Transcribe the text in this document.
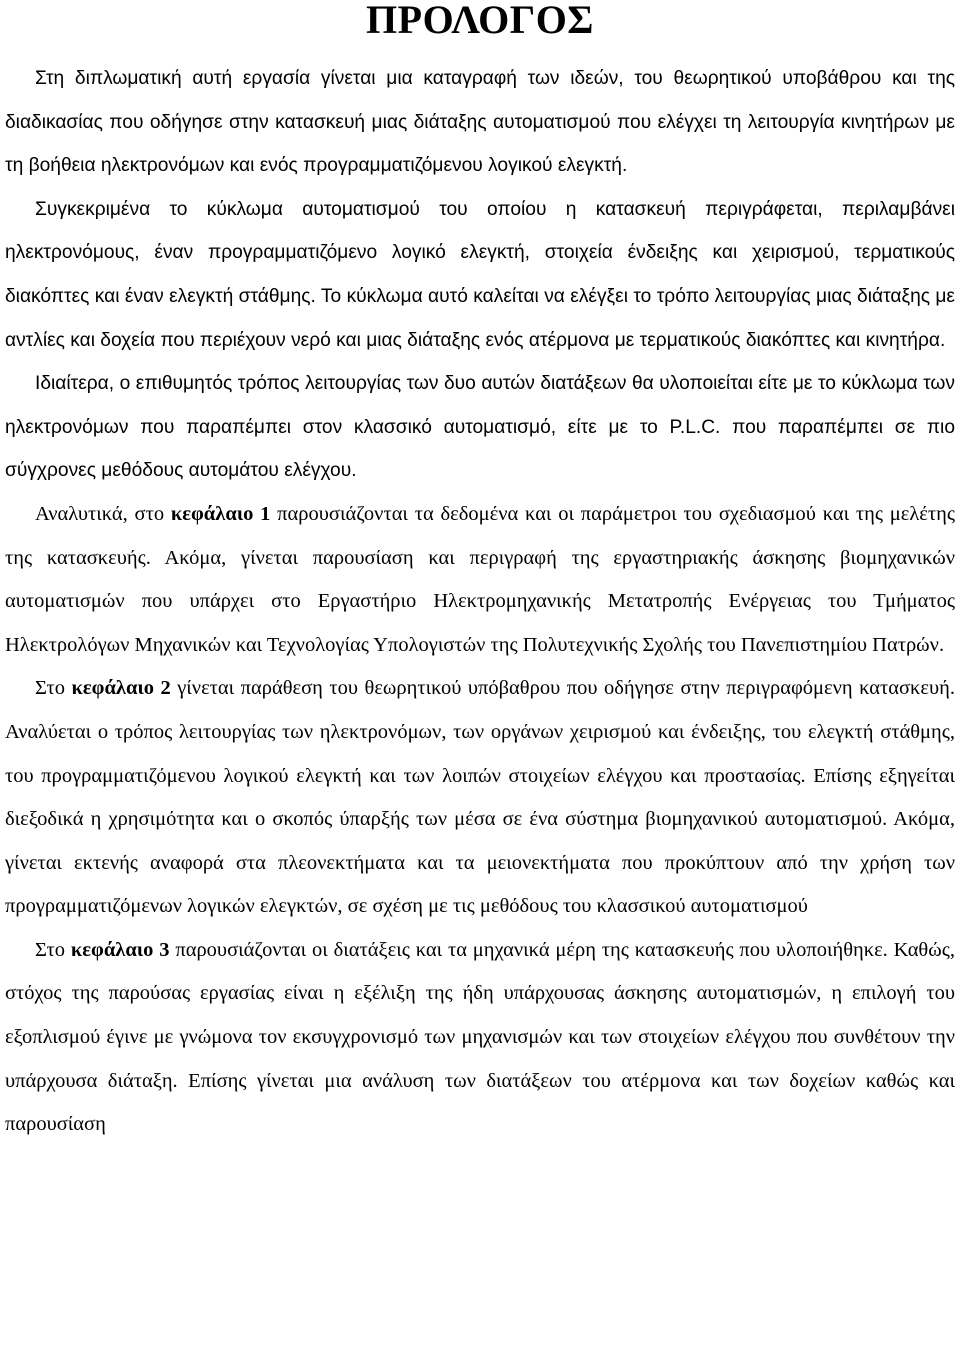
ΠΡΟΛΟΓΟΣ

Στη διπλωματική αυτή εργασία γίνεται μια καταγραφή των ιδεών, του θεωρητικού υποβάθρου και της διαδικασίας που οδήγησε στην κατασκευή μιας διάταξης αυτοματισμού που ελέγχει τη λειτουργία κινητήρων με τη βοήθεια ηλεκτρονόμων και ενός προγραμματιζόμενου λογικού ελεγκτή.

Συγκεκριμένα το κύκλωμα αυτοματισμού του οποίου η κατασκευή περιγράφεται, περιλαμβάνει ηλεκτρονόμους, έναν προγραμματιζόμενο λογικό ελεγκτή, στοιχεία ένδειξης και χειρισμού, τερματικούς διακόπτες και έναν ελεγκτή στάθμης. Το κύκλωμα αυτό καλείται να ελέγξει το τρόπο λειτουργίας μιας διάταξης με αντλίες και δοχεία που περιέχουν νερό και μιας διάταξης ενός ατέρμονα με τερματικούς διακόπτες και κινητήρα.

Ιδιαίτερα, ο επιθυμητός τρόπος λειτουργίας των δυο αυτών διατάξεων θα υλοποιείται είτε με το κύκλωμα των ηλεκτρονόμων που παραπέμπει στον κλασσικό αυτοματισμό, είτε με το P.L.C. που παραπέμπει σε πιο σύγχρονες μεθόδους αυτομάτου ελέγχου.

Αναλυτικά, στο κεφάλαιο 1 παρουσιάζονται τα δεδομένα και οι παράμετροι του σχεδιασμού και της μελέτης της κατασκευής. Ακόμα, γίνεται παρουσίαση και περιγραφή της εργαστηριακής άσκησης βιομηχανικών αυτοματισμών που υπάρχει στο Εργαστήριο Ηλεκτρομηχανικής Μετατροπής Ενέργειας του Τμήματος Ηλεκτρολόγων Μηχανικών και Τεχνολογίας Υπολογιστών της Πολυτεχνικής Σχολής του Πανεπιστημίου Πατρών.

Στο κεφάλαιο 2 γίνεται παράθεση του θεωρητικού υπόβαθρου που οδήγησε στην περιγραφόμενη κατασκευή. Αναλύεται ο τρόπος λειτουργίας των ηλεκτρονόμων, των οργάνων χειρισμού και ένδειξης, του ελεγκτή στάθμης, του προγραμματιζόμενου λογικού ελεγκτή και των λοιπών στοιχείων ελέγχου και προστασίας. Επίσης εξηγείται διεξοδικά η χρησιμότητα και ο σκοπός ύπαρξής των μέσα σε ένα σύστημα βιομηχανικού αυτοματισμού. Ακόμα, γίνεται εκτενής αναφορά στα πλεονεκτήματα και τα μειονεκτήματα που προκύπτουν από την χρήση των προγραμματιζόμενων λογικών ελεγκτών, σε σχέση με τις μεθόδους του κλασσικού αυτοματισμού

Στο κεφάλαιο 3 παρουσιάζονται οι διατάξεις και τα μηχανικά μέρη της κατασκευής που υλοποιήθηκε. Καθώς, στόχος της παρούσας εργασίας είναι η εξέλιξη της ήδη υπάρχουσας άσκησης αυτοματισμών, η επιλογή του εξοπλισμού έγινε με γνώμονα τον εκσυγχρονισμό των μηχανισμών και των στοιχείων ελέγχου που συνθέτουν την υπάρχουσα διάταξη. Επίσης γίνεται μια ανάλυση των διατάξεων του ατέρμονα και των δοχείων καθώς και παρουσίαση
